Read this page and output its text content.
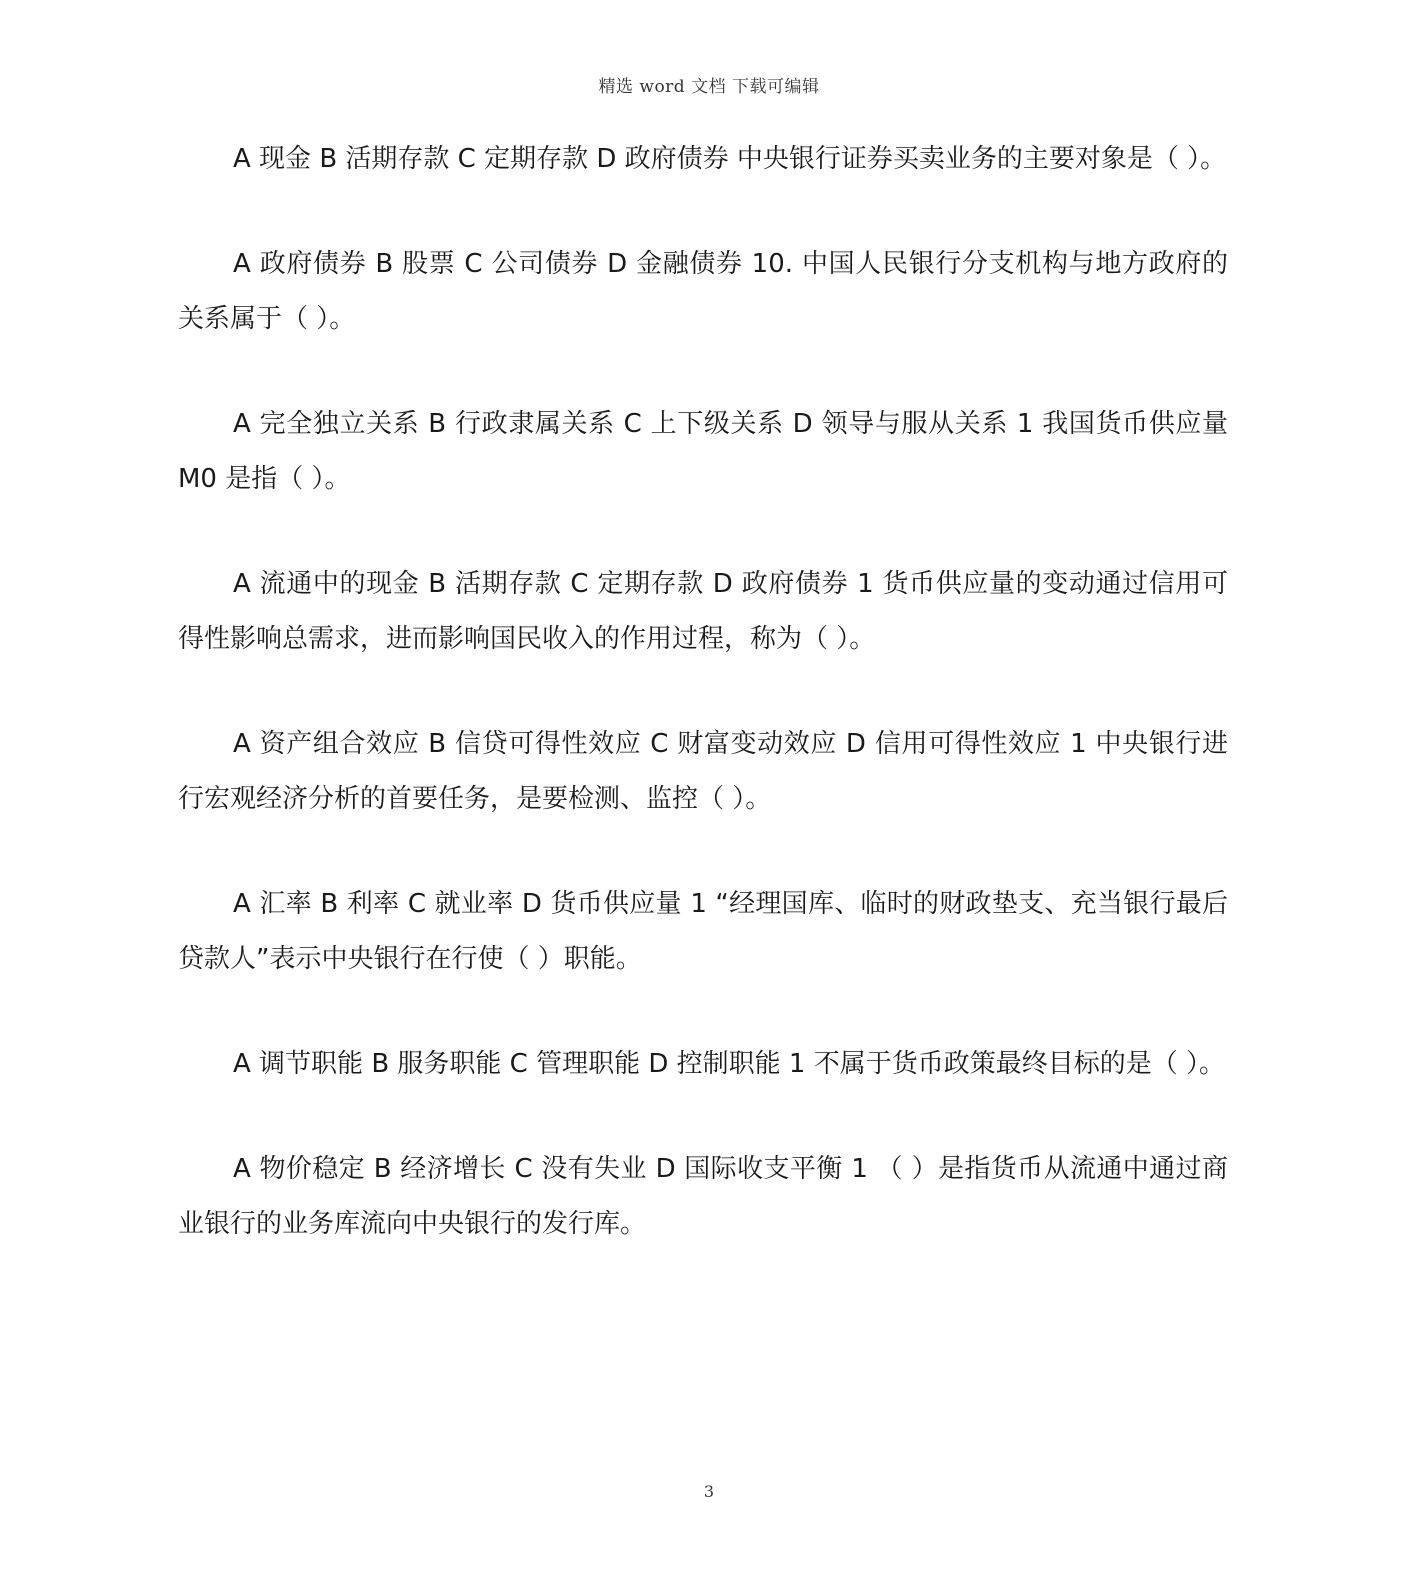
精选 word 文档 下载可编辑

A 现金 B 活期存款 C 定期存款 D 政府债券 中央银行证券买卖业务的主要对象是（ ）。

A 政府债券 B 股票 C 公司债券 D 金融债券 10. 中国人民银行分支机构与地方政府的关系属于（ ）。

A 完全独立关系 B 行政隶属关系 C 上下级关系 D 领导与服从关系 1 我国货币供应量 M0 是指（ ）。

A 流通中的现金 B 活期存款 C 定期存款 D 政府债券 1 货币供应量的变动通过信用可得性影响总需求，进而影响国民收入的作用过程，称为（ ）。

A 资产组合效应 B 信贷可得性效应 C 财富变动效应 D 信用可得性效应 1 中央银行进行宏观经济分析的首要任务，是要检测、监控（ ）。

A 汇率 B 利率 C 就业率 D 货币供应量 1 “经理国库、临时的财政垫支、充当银行最后贷款人”表示中央银行在行使（ ）职能。

A 调节职能 B 服务职能 C 管理职能 D 控制职能 1 不属于货币政策最终目标的是（ ）。

A 物价稳定 B 经济增长 C 没有失业 D 国际收支平衡 1 （ ）是指货币从流通中通过商业银行的业务库流向中央银行的发行库。

3
